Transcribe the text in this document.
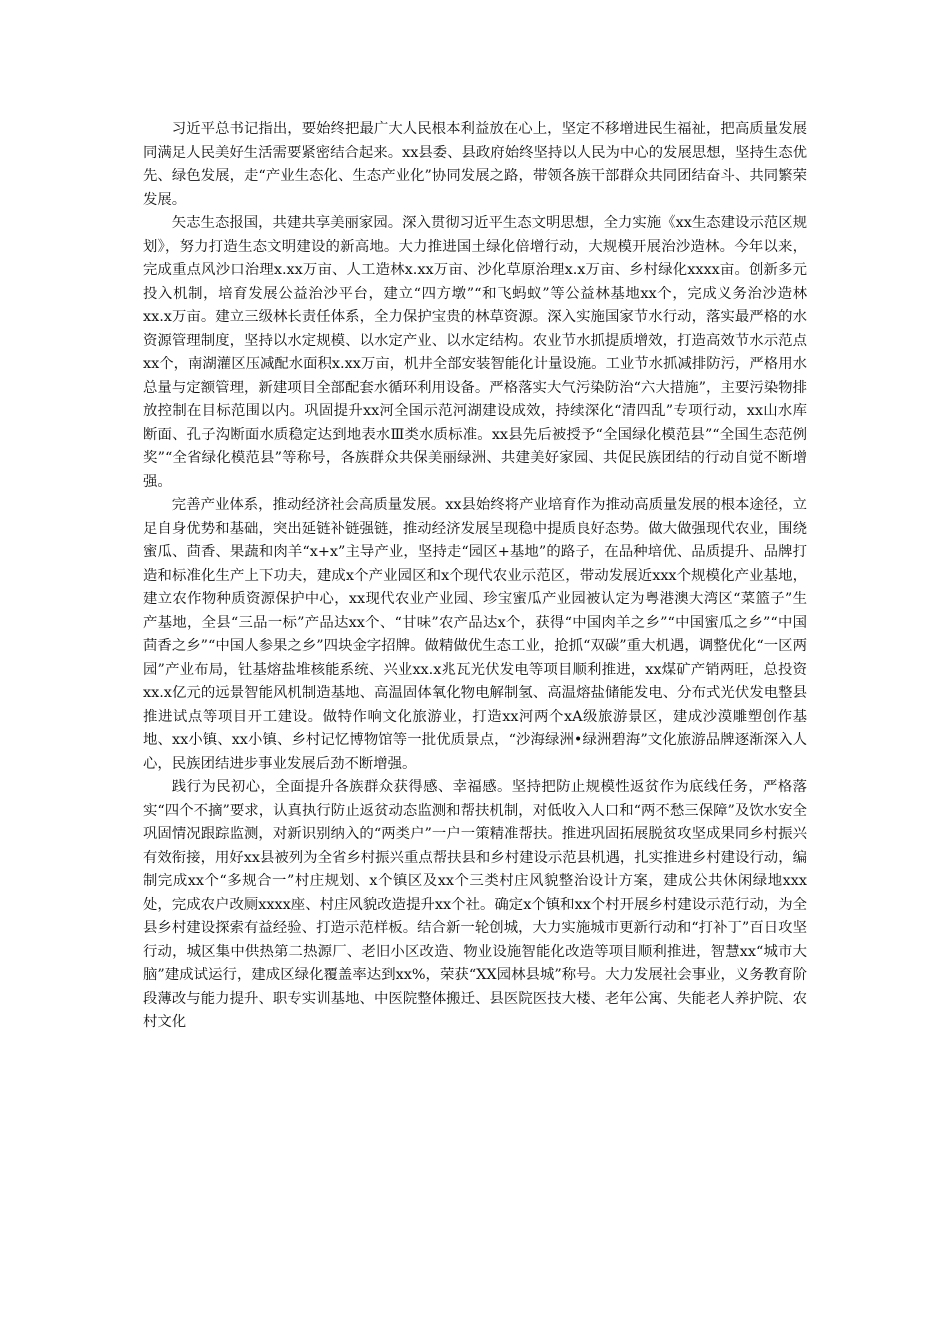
习近平总书记指出，要始终把最广大人民根本利益放在心上，坚定不移增进民生福祉，把高质量发展同满足人民美好生活需要紧密结合起来。xx县委、县政府始终坚持以人民为中心的发展思想，坚持生态优先、绿色发展，走“产业生态化、生态产业化”协同发展之路，带领各族干部群众共同团结奋斗、共同繁荣发展。

矢志生态报国，共建共享美丽家园。深入贯彻习近平生态文明思想，全力实施《xx生态建设示范区规划》，努力打造生态文明建设的新高地。大力推进国土绿化倍增行动，大规模开展治沙造林。今年以来，完成重点风沙口治理x.xx万亩、人工造林x.xx万亩、沙化草原治理x.x万亩、乡村绿化xxxx亩。创新多元投入机制，培育发展公益治沙平台，建立“四方墩”“和飞蚂蚁”等公益林基地xx个，完成义务治沙造林xx.x万亩。建立三级林长责任体系，全力保护宝贵的林草资源。深入实施国家节水行动，落实最严格的水资源管理制度，坚持以水定规模、以水定产业、以水定结构。农业节水抓提质增效，打造高效节水示范点xx个，南湖灌区压减配水面积x.xx万亩，机井全部安装智能化计量设施。工业节水抓减排防污，严格用水总量与定额管理，新建项目全部配套水循环利用设备。严格落实大气污染防治“六大措施”，主要污染物排放控制在目标范围以内。巩固提升xx河全国示范河湖建设成效，持续深化“清四乱”专项行动，xx山水库断面、孔子沟断面水质稳定达到地表水Ⅲ类水质标准。xx县先后被授予“全国绿化模范县”“全国生态范例奖”“全省绿化模范县”等称号，各族群众共保美丽绿洲、共建美好家园、共促民族团结的行动自觉不断增强。

完善产业体系，推动经济社会高质量发展。xx县始终将产业培育作为推动高质量发展的根本途径，立足自身优势和基础，突出延链补链强链，推动经济发展呈现稳中提质良好态势。做大做强现代农业，围绕蜜瓜、茴香、果蔬和肉羊“x+x”主导产业，坚持走“园区+基地”的路子，在品种培优、品质提升、品牌打造和标准化生产上下功夫，建成x个产业园区和x个现代农业示范区，带动发展近xxx个规模化产业基地，建立农作物种质资源保护中心，xx现代农业产业园、珍宝蜜瓜产业园被认定为粤港澳大湾区“菜篮子”生产基地，全县“三品一标”产品达xx个、“甘味”农产品达x个，获得“中国肉羊之乡”“中国蜜瓜之乡”“中国茴香之乡”“中国人参果之乡”四块金字招牌。做精做优生态工业，抢抓“双碳”重大机遇，调整优化“一区两园”产业布局，钍基熔盐堆核能系统、兴业xx.x兆瓦光伏发电等项目顺利推进，xx煤矿产销两旺，总投资xx.x亿元的远景智能风机制造基地、高温固体氧化物电解制氢、高温熔盐储能发电、分布式光伏发电整县推进试点等项目开工建设。做特作响文化旅游业，打造xx河两个xA级旅游景区，建成沙漠雕塑创作基地、xx小镇、xx小镇、乡村记忆博物馆等一批优质景点，“沙海绿洲•绿洲碧海”文化旅游品牌逐渐深入人心，民族团结进步事业发展后劲不断增强。

践行为民初心，全面提升各族群众获得感、幸福感。坚持把防止规模性返贫作为底线任务，严格落实“四个不摘”要求，认真执行防止返贫动态监测和帮扶机制，对低收入人口和“两不愁三保障”及饮水安全巩固情况跟踪监测，对新识别纳入的“两类户”一户一策精准帮扶。推进巩固拓展脱贫攻坚成果同乡村振兴有效衔接，用好xx县被列为全省乡村振兴重点帮扶县和乡村建设示范县机遇，扎实推进乡村建设行动，编制完成xx个“多规合一”村庄规划、x个镇区及xx个三类村庄风貌整治设计方案，建成公共休闲绿地xxx处，完成农户改厕xxxx座、村庄风貌改造提升xx个社。确定x个镇和xx个村开展乡村建设示范行动，为全县乡村建设探索有益经验、打造示范样板。结合新一轮创城，大力实施城市更新行动和“打补丁”百日攻坚行动，城区集中供热第二热源厂、老旧小区改造、物业设施智能化改造等项目顺利推进，智慧xx“城市大脑”建成试运行，建成区绿化覆盖率达到xx%，荣获“XX园林县城”称号。大力发展社会事业，义务教育阶段薄改与能力提升、职专实训基地、中医院整体搬迁、县医院医技大楼、老年公寓、失能老人养护院、农村文化
